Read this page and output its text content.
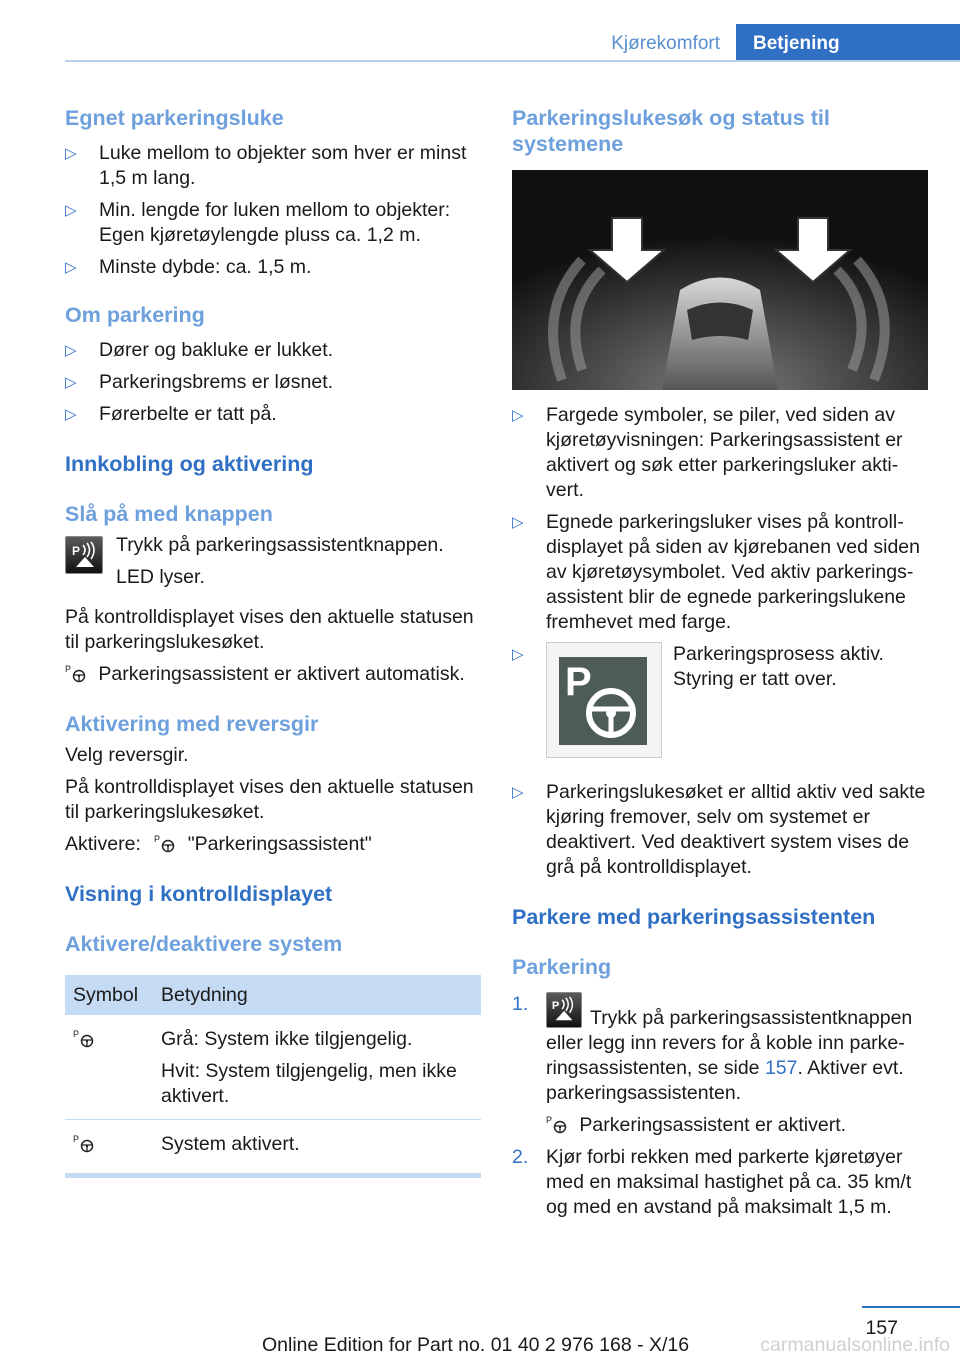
Kjørekomfort	Betjening
Egnet parkeringsluke
▷ Luke mellom to objekter som hver er minst 1,5 m lang.
▷ Min. lengde for luken mellom to objekter: Egen kjøretøylengde pluss ca. 1,2 m.
▷ Minste dybde: ca. 1,5 m.
Om parkering
▷ Dører og bakluke er lukket.
▷ Parkeringsbrems er løsnet.
▷ Førerbelte er tatt på.
Innkobling og aktivering
Slå på med knappen
P Trykk på parkeringsassistentknappen.
LED lyser.

På kontrolldisplayet vises den aktuelle statusen til parkeringslukesøket.

P Parkeringsassistent er aktivert automatisk.

Aktivering med reversgir

Velg reversgir.

På kontrolldisplayet vises den aktuelle statusen til parkeringslukesøket.

Aktivere: P "Parkeringsassistent"

Visning i kontrolldisplayet
Aktivere/deaktivere system
Symbol	Betydning

P	Grå: System ikke tilgjengelig.

Hvit: System tilgjengelig, men ikke aktivert.

P	System aktivert.
Parkeringslukesøk og status til systemene
▷ Fargede symboler, se piler, ved siden av kjøretøyvisningen: Parkeringsassistent er aktivert og søk etter parkeringsluker aktivert.
▷ Egnede parkeringsluker vises på kontrolldisplayet på siden av kjørebanen ved siden av kjøretøysymbolet. Ved aktiv parkeringsassistent blir de egnede parkeringslukene fremhevet med farge.
▷
P
Parkeringsprosess aktiv. Styring er tatt over.
▷ Parkeringslukesøket er alltid aktiv ved sakte kjøring fremover, selv om systemet er deaktivert. Ved deaktivert system vises de grå på kontrolldisplayet.
Parkere med parkeringsassistenten
Parkering
1. P
Trykk på parkeringsassistentknappen eller legg inn revers for å koble inn parkeringsassistenten, se side 157. Aktiver evt. parkeringsassistenten.

P Parkeringsassistent er aktivert.

2. Kjør forbi rekken med parkerte kjøretøyer med en maksimal hastighet på ca. 35 km/t og med en avstand på maksimalt 1,5 m.
157
carmanualsonline.info
Online Edition for Part no. 01 40 2 976 168 - X/16
